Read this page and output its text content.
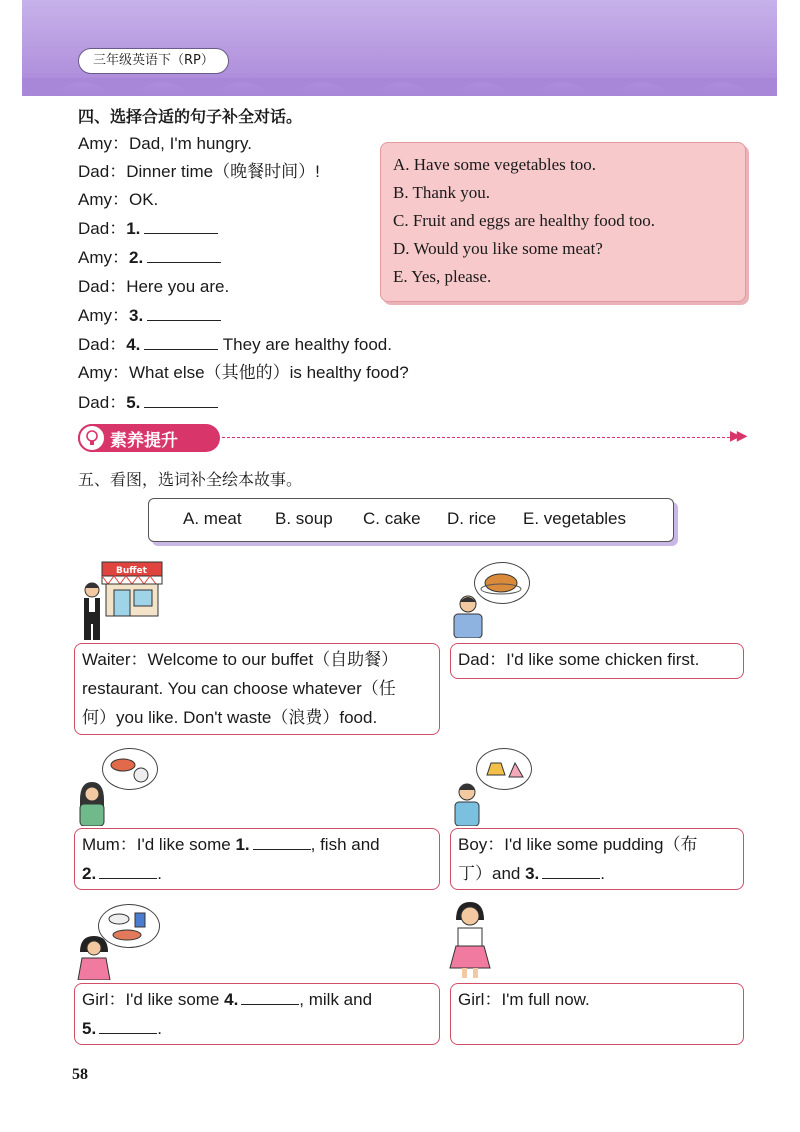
三年级英语下（RP）
四、选择合适的句子补全对话。
Amy：Dad, I'm hungry.
Dad：Dinner time（晚餐时间）!
Amy：OK.
Dad：1.
Amy：2.
Dad：Here you are.
Amy：3.
Dad：4.	They are healthy food.
Amy：What else（其他的）is healthy food?
Dad：5.
A. Have some vegetables too.
B. Thank you.
C. Fruit and eggs are healthy food too.
D. Would you like some meat?
E. Yes, please.
素养提升	▶▶
五、看图，选词补全绘本故事。
A. meat B. soup C. cake D. rice E. vegetables
Buffet
Waiter：Welcome to our buffet（自助餐）
restaurant. You can choose whatever（任
何）you like. Don't waste（浪费）food.
Dad：I'd like some chicken first.
Mum：I'd like some 1.	, fish and
2.	.
Boy：I'd like some pudding（布
丁）and 3.	.
Girl：I'd like some 4.	, milk and
5.	.
Girl：I'm full now.
58
